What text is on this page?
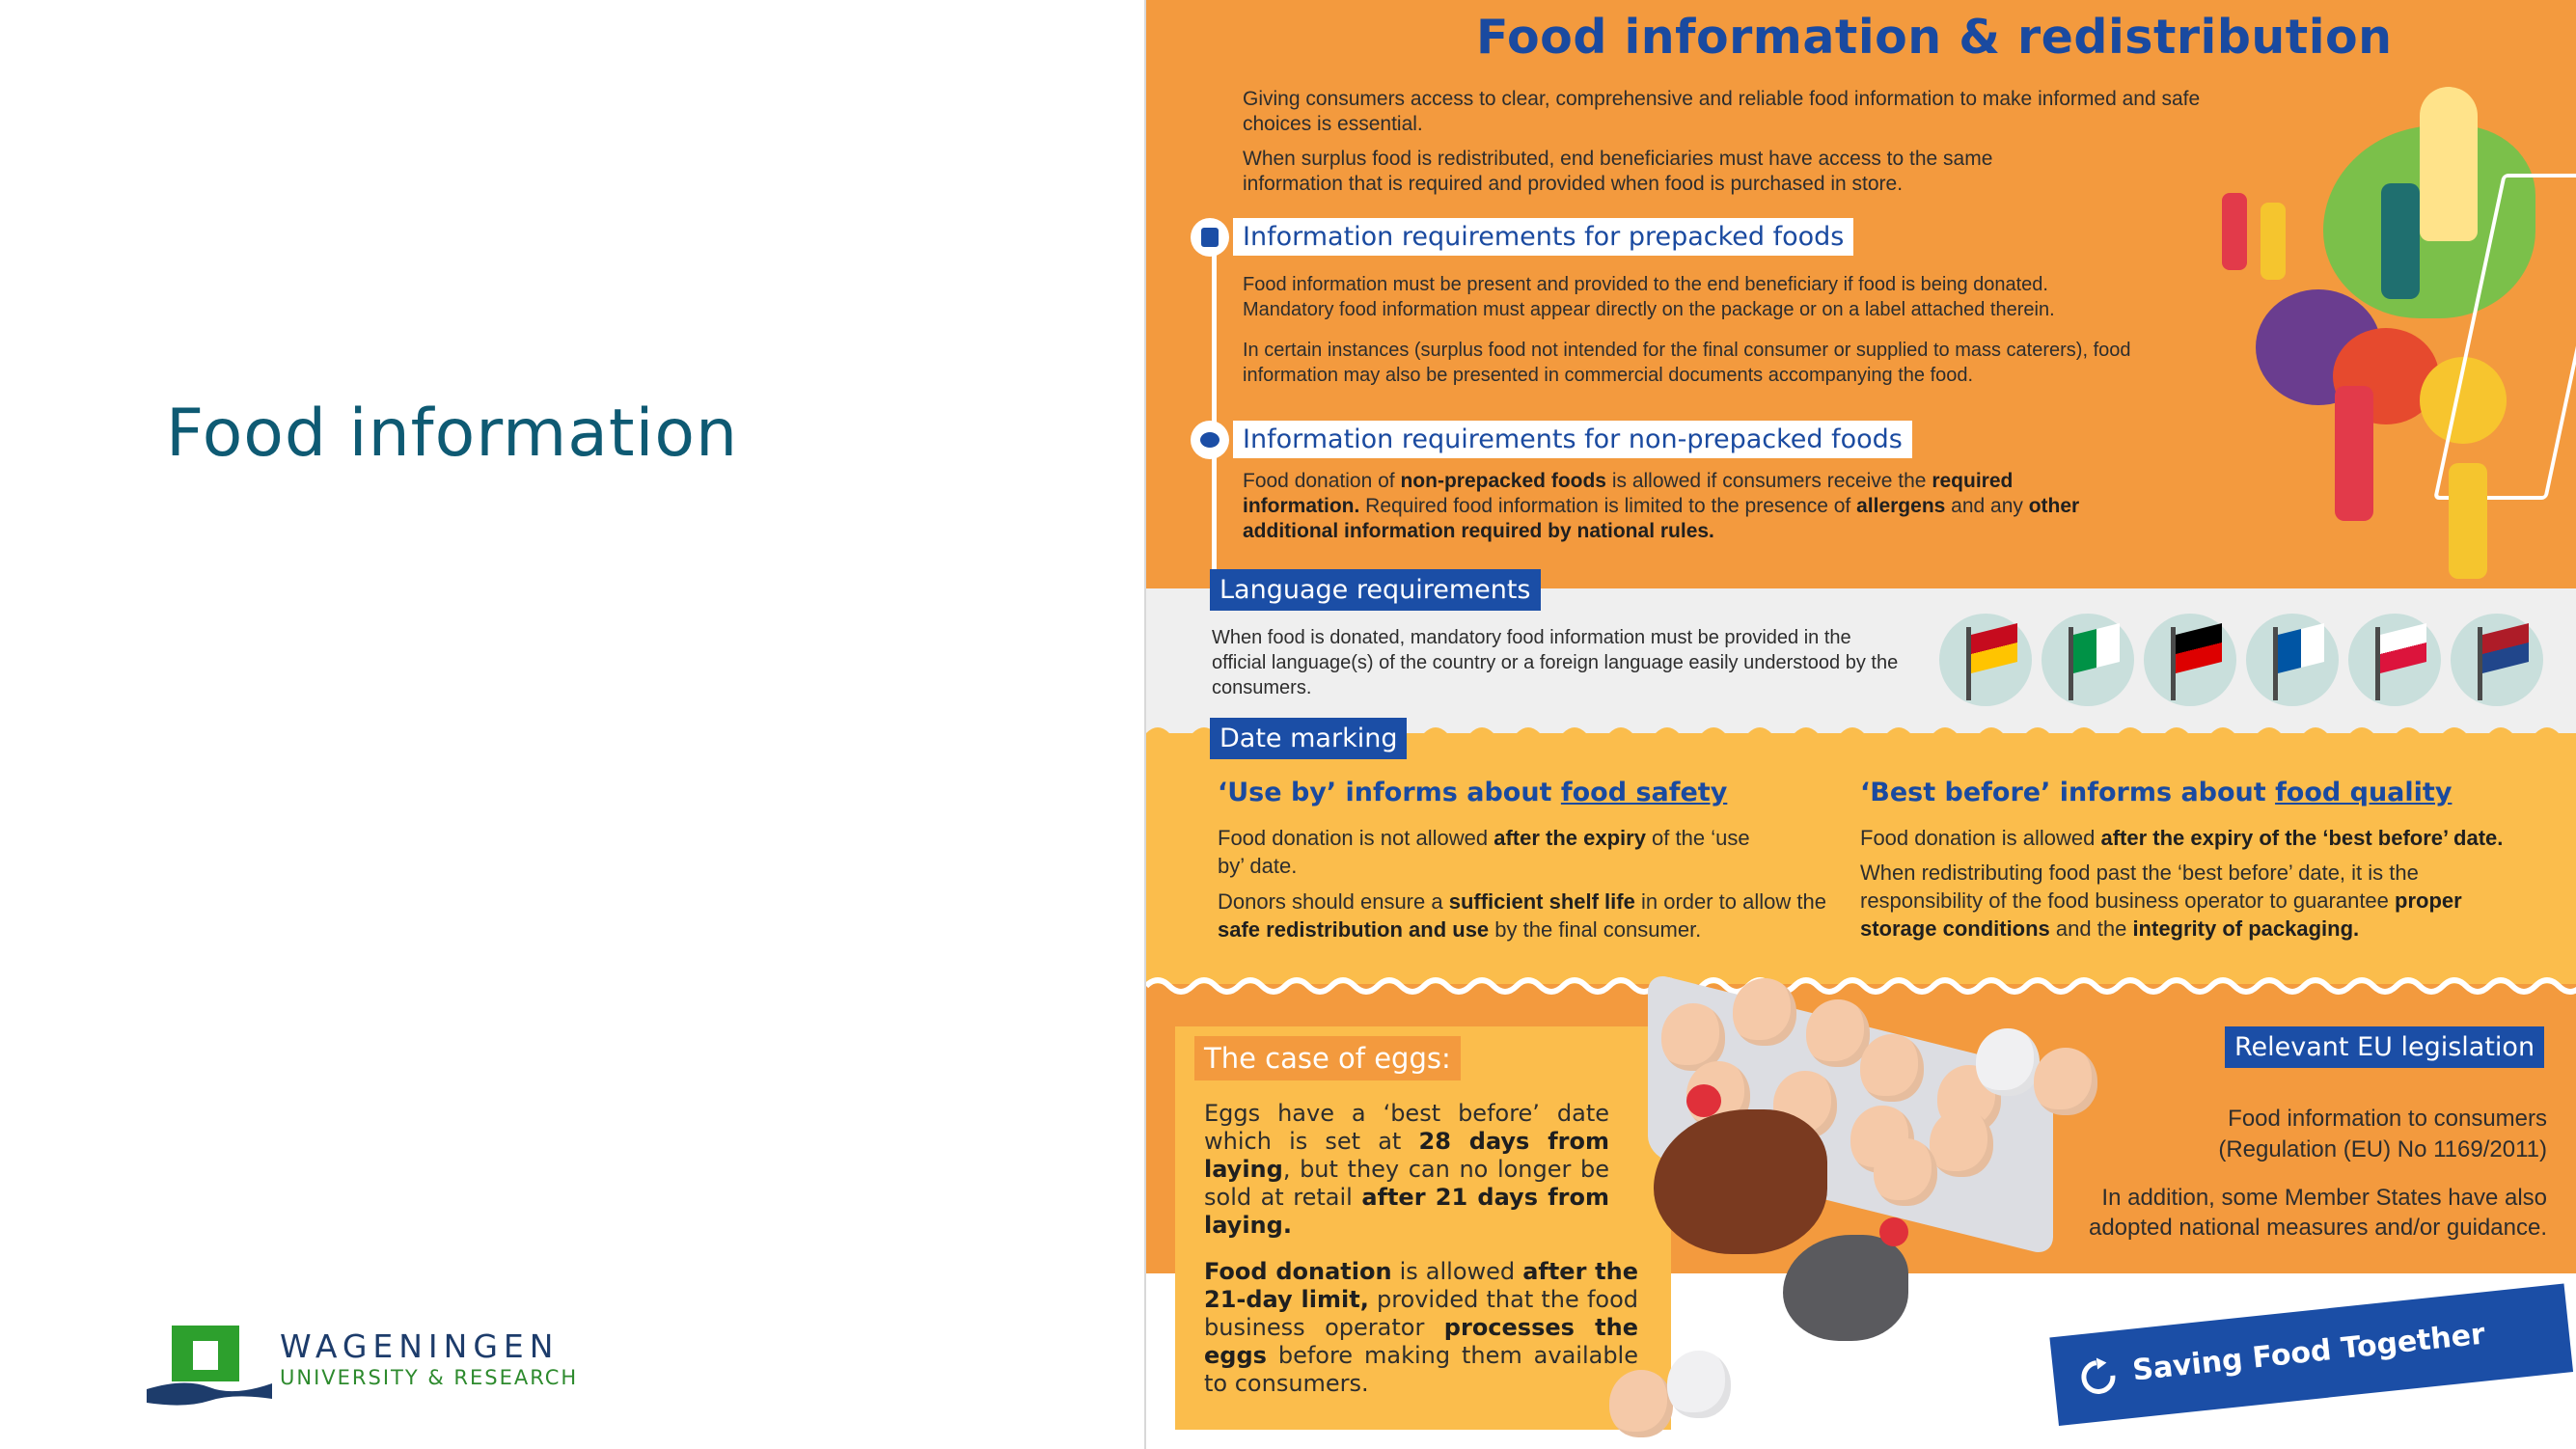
Food information
WAGENINGEN
UNIVERSITY & RESEARCH
Food information & redistribution
Giving consumers access to clear, comprehensive and reliable food information to make informed and safe choices is essential.
When surplus food is redistributed, end beneficiaries must have access to the same information that is required and provided when food is purchased in store.
Information requirements for prepacked foods
Food information must be present and provided to the end beneficiary if food is being donated. Mandatory food information must appear directly on the package or on a label attached therein.
In certain instances (surplus food not intended for the final consumer or supplied to mass caterers), food information may also be presented in commercial documents accompanying the food.
Information requirements for non-prepacked foods
Food donation of non-prepacked foods is allowed if consumers receive the required information. Required food information is limited to the presence of allergens and any other additional information required by national rules.
Language requirements
When food is donated, mandatory food information must be provided in the official language(s) of the country or a foreign language easily understood by the consumers.
Date marking
‘Use by’ informs about food safety
Food donation is not allowed after the expiry of the ‘use by’ date.
Donors should ensure a sufficient shelf life in order to allow the safe redistribution and use by the final consumer.
‘Best before’ informs about food quality
Food donation is allowed after the expiry of the ‘best before’ date.
When redistributing food past the ‘best before’ date, it is the responsibility of the food business operator to guarantee proper storage conditions and the integrity of packaging.
The case of eggs:
Eggs have a ‘best before’ date which is set at 28 days from laying, but they can no longer be sold at retail after 21 days from laying.
Food donation is allowed after the 21-day limit, provided that the food business operator processes the eggs before making them available to consumers.
Relevant EU legislation
Food information to consumers
(Regulation (EU) No 1169/2011)
In addition, some Member States have also adopted national measures and/or guidance.
Saving Food Together
